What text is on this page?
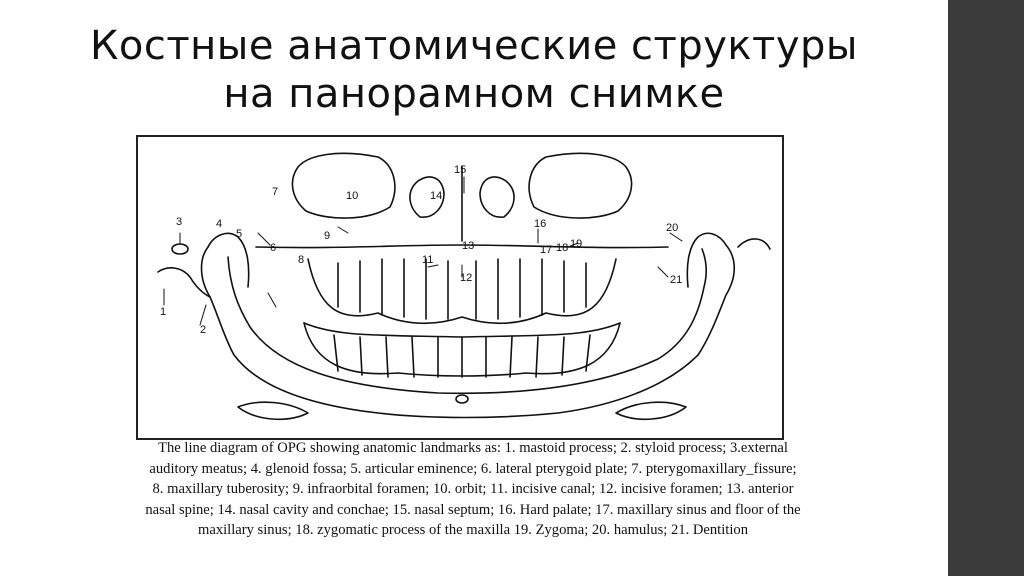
Костные анатомические структуры
на панорамном снимке
1
2
3	4
5
6
7
8
9
10
11
12
13
14
15
16
17 18 19
20
21
The line diagram of OPG showing anatomic landmarks as: 1. mastoid process; 2. styloid process; 3.external
auditory meatus; 4. glenoid fossa; 5. articular eminence; 6. lateral pterygoid plate; 7. pterygomaxillary_fissure;
8. maxillary tuberosity; 9. infraorbital foramen; 10. orbit; 11. incisive canal; 12. incisive foramen; 13. anterior
nasal spine; 14. nasal cavity and conchae; 15. nasal septum; 16. Hard palate; 17. maxillary sinus and floor of the
maxillary sinus; 18. zygomatic process of the maxilla 19. Zygoma; 20. hamulus; 21. Dentition
